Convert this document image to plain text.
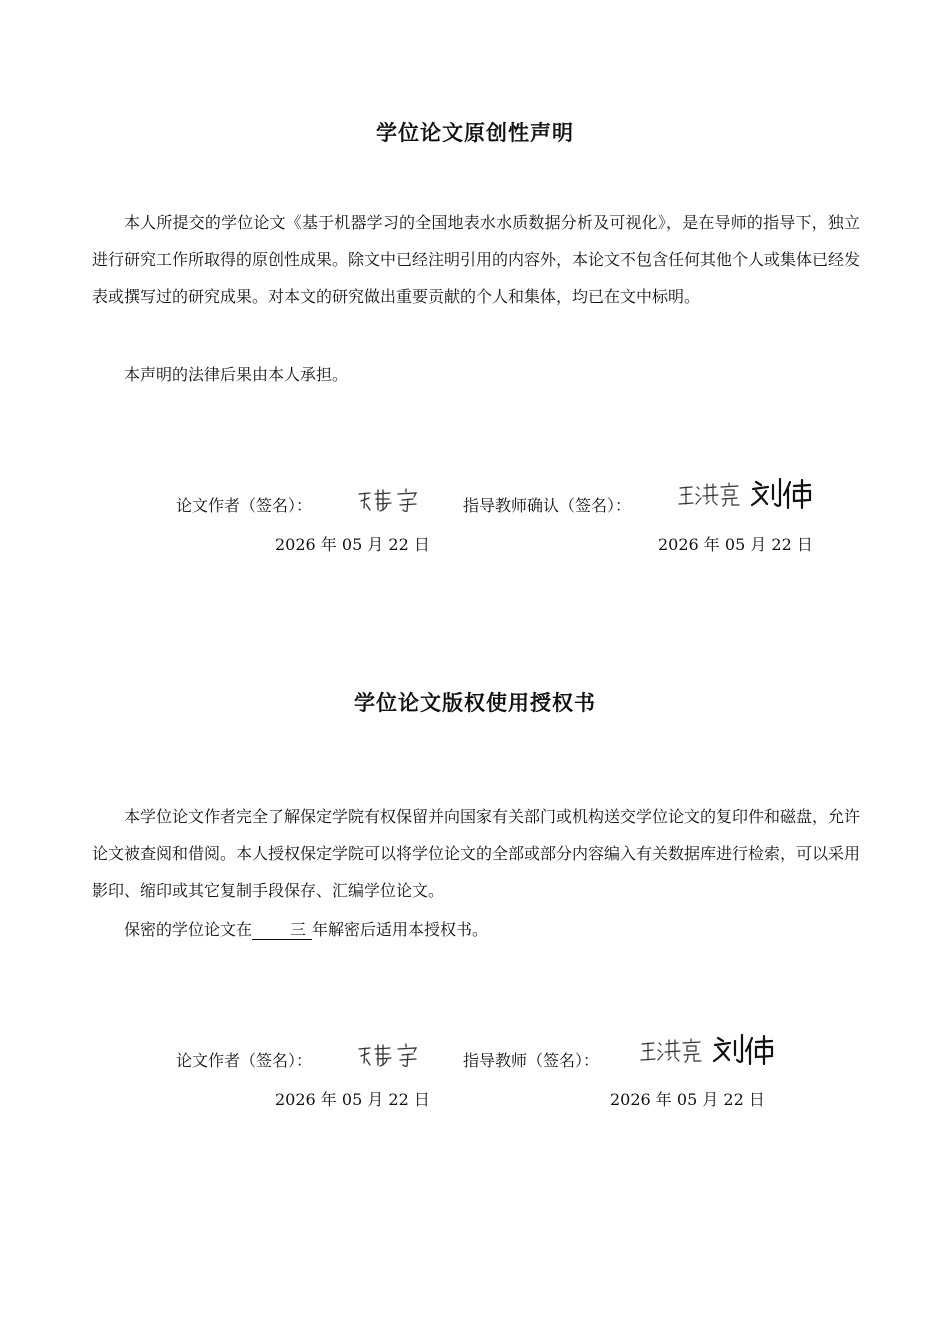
学位论文原创性声明
本人所提交的学位论文《基于机器学习的全国地表水水质数据分析及可视化》，是在导师的指导下，独立进行研究工作所取得的原创性成果。除文中已经注明引用的内容外，本论文不包含任何其他个人或集体已经发表或撰写过的研究成果。对本文的研究做出重要贡献的个人和集体，均已在文中标明。
本声明的法律后果由本人承担。
论文作者（签名）：	指导教师确认（签名）：
2026 年 05 月 22 日	2026 年 05 月 22 日
学位论文版权使用授权书
本学位论文作者完全了解保定学院有权保留并向国家有关部门或机构送交学位论文的复印件和磁盘，允许论文被查阅和借阅。本人授权保定学院可以将学位论文的全部或部分内容编入有关数据库进行检索，可以采用影印、缩印或其它复制手段保存、汇编学位论文。
保密的学位论文在 三 年解密后适用本授权书。
论文作者（签名）：	指导教师（签名）：
2026 年 05 月 22 日	2026 年 05 月 22 日
